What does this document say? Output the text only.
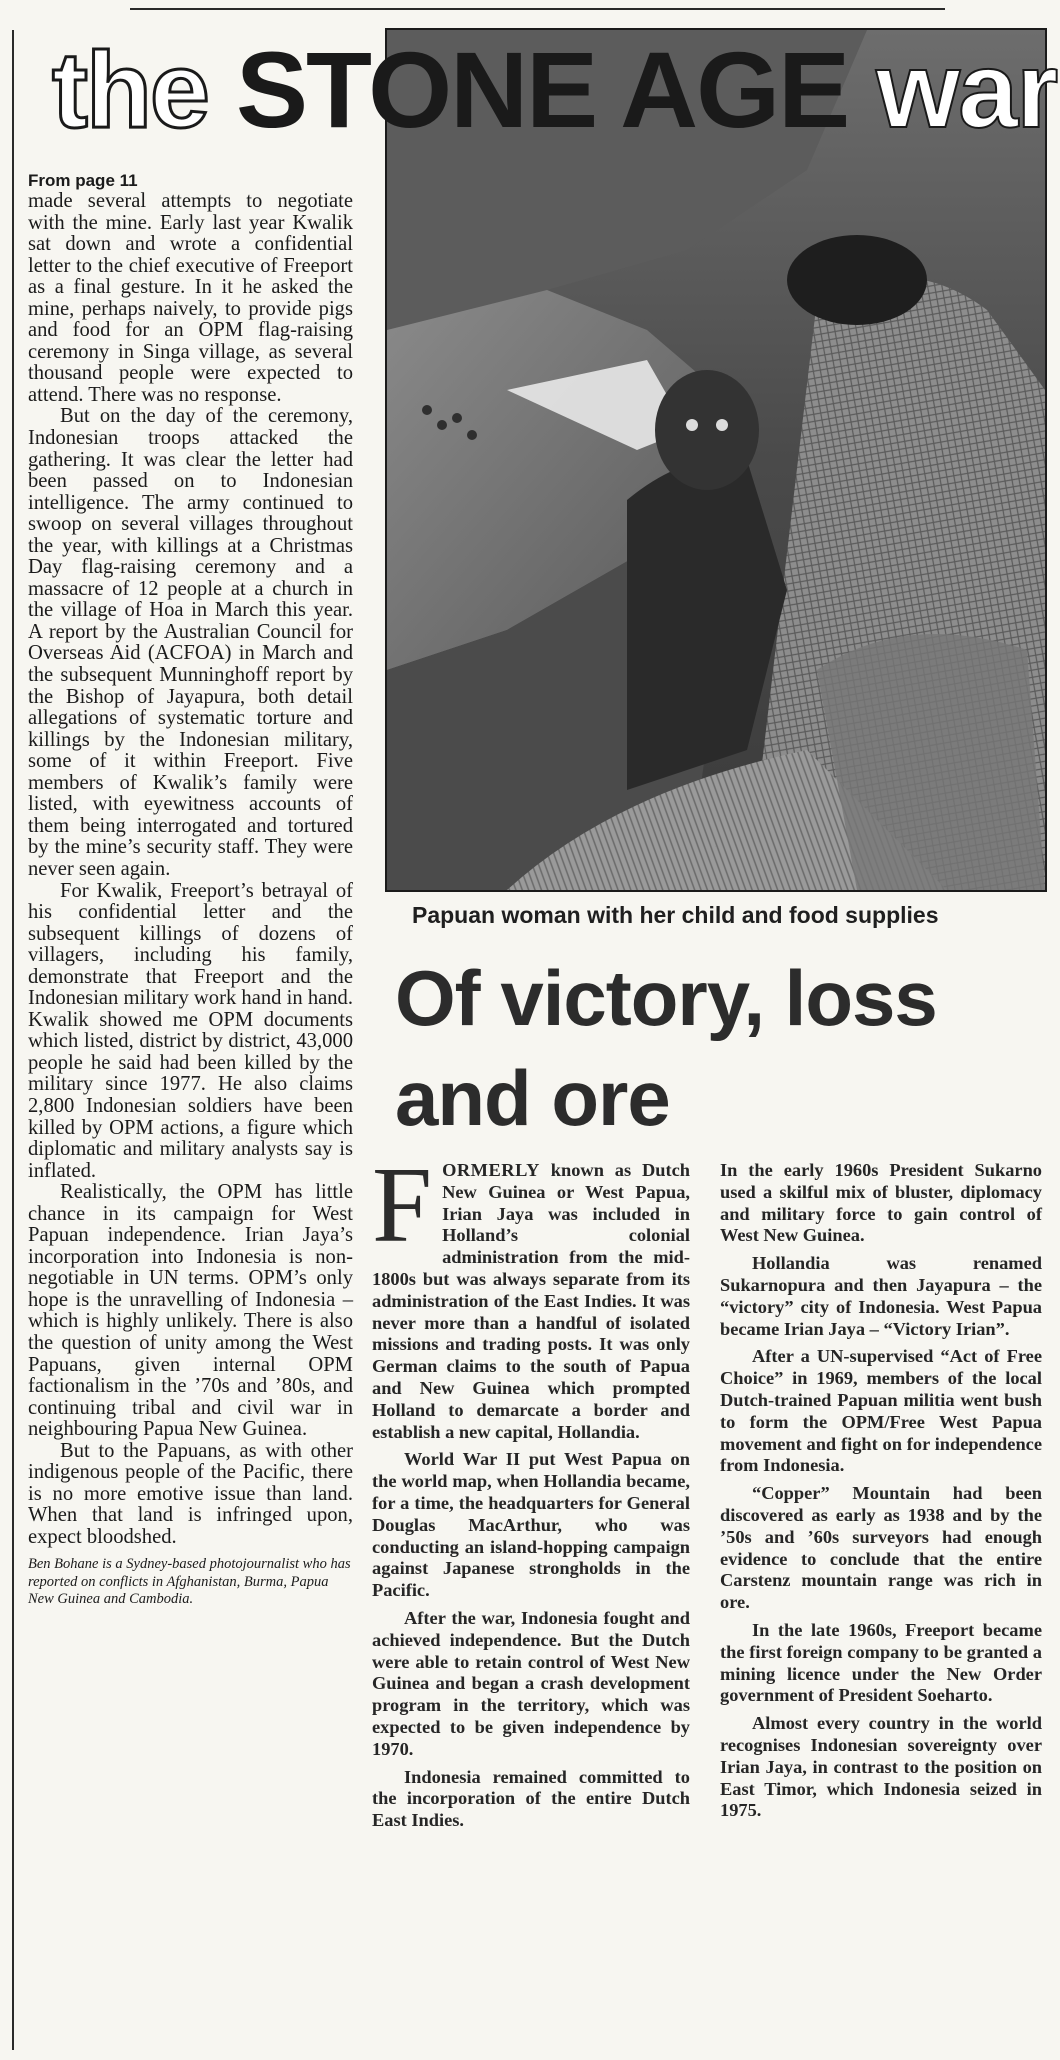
the STONE AGE war
Papuan woman with her child and food supplies
Of victory, loss and ore
From page 11

made several attempts to negotiate with the mine. Early last year Kwalik sat down and wrote a confidential letter to the chief executive of Freeport as a final gesture. In it he asked the mine, perhaps naively, to provide pigs and food for an OPM flag-raising ceremony in Singa village, as several thousand people were expected to attend. There was no response.

But on the day of the ceremony, Indonesian troops attacked the gathering. It was clear the letter had been passed on to Indonesian intelligence. The army continued to swoop on several villages throughout the year, with killings at a Christmas Day flag-raising ceremony and a massacre of 12 people at a church in the village of Hoa in March this year. A report by the Australian Council for Overseas Aid (ACFOA) in March and the subsequent Munninghoff report by the Bishop of Jayapura, both detail allegations of systematic torture and killings by the Indonesian military, some of it within Freeport. Five members of Kwalik’s family were listed, with eyewitness accounts of them being interrogated and tortured by the mine’s security staff. They were never seen again.

For Kwalik, Freeport’s betrayal of his confidential letter and the subsequent killings of dozens of villagers, including his family, demonstrate that Freeport and the Indonesian military work hand in hand. Kwalik showed me OPM documents which listed, district by district, 43,000 people he said had been killed by the military since 1977. He also claims 2,800 Indonesian soldiers have been killed by OPM actions, a figure which diplomatic and military analysts say is inflated.

Realistically, the OPM has little chance in its campaign for West Papuan independence. Irian Jaya’s incorporation into Indonesia is non-negotiable in UN terms. OPM’s only hope is the unravelling of Indonesia – which is highly unlikely. There is also the question of unity among the West Papuans, given internal OPM factionalism in the ’70s and ’80s, and continuing tribal and civil war in neighbouring Papua New Guinea.

But to the Papuans, as with other indigenous people of the Pacific, there is no more emotive issue than land. When that land is infringed upon, expect bloodshed.

Ben Bohane is a Sydney-based photojournalist who has reported on conflicts in Afghanistan, Burma, Papua New Guinea and Cambodia.

FORMERLY known as Dutch New Guinea or West Papua, Irian Jaya was included in Holland’s colonial administration from the mid-1800s but was always separate from its administration of the East Indies. It was never more than a handful of isolated missions and trading posts. It was only German claims to the south of Papua and New Guinea which prompted Holland to demarcate a border and establish a new capital, Hollandia.

World War II put West Papua on the world map, when Hollandia became, for a time, the headquarters for General Douglas MacArthur, who was conducting an island-hopping campaign against Japanese strongholds in the Pacific.

After the war, Indonesia fought and achieved independence. But the Dutch were able to retain control of West New Guinea and began a crash development program in the territory, which was expected to be given independence by 1970.

Indonesia remained committed to the incorporation of the entire Dutch East Indies.

In the early 1960s President Sukarno used a skilful mix of bluster, diplomacy and military force to gain control of West New Guinea.

Hollandia was renamed Sukarnopura and then Jayapura – the “victory” city of Indonesia. West Papua became Irian Jaya – “Victory Irian”.

After a UN-supervised “Act of Free Choice” in 1969, members of the local Dutch-trained Papuan militia went bush to form the OPM/Free West Papua movement and fight on for independence from Indonesia.

“Copper” Mountain had been discovered as early as 1938 and by the ’50s and ’60s surveyors had enough evidence to conclude that the entire Carstenz mountain range was rich in ore.

In the late 1960s, Freeport became the first foreign company to be granted a mining licence under the New Order government of President Soeharto.

Almost every country in the world recognises Indonesian sovereignty over Irian Jaya, in contrast to the position on East Timor, which Indonesia seized in 1975.
